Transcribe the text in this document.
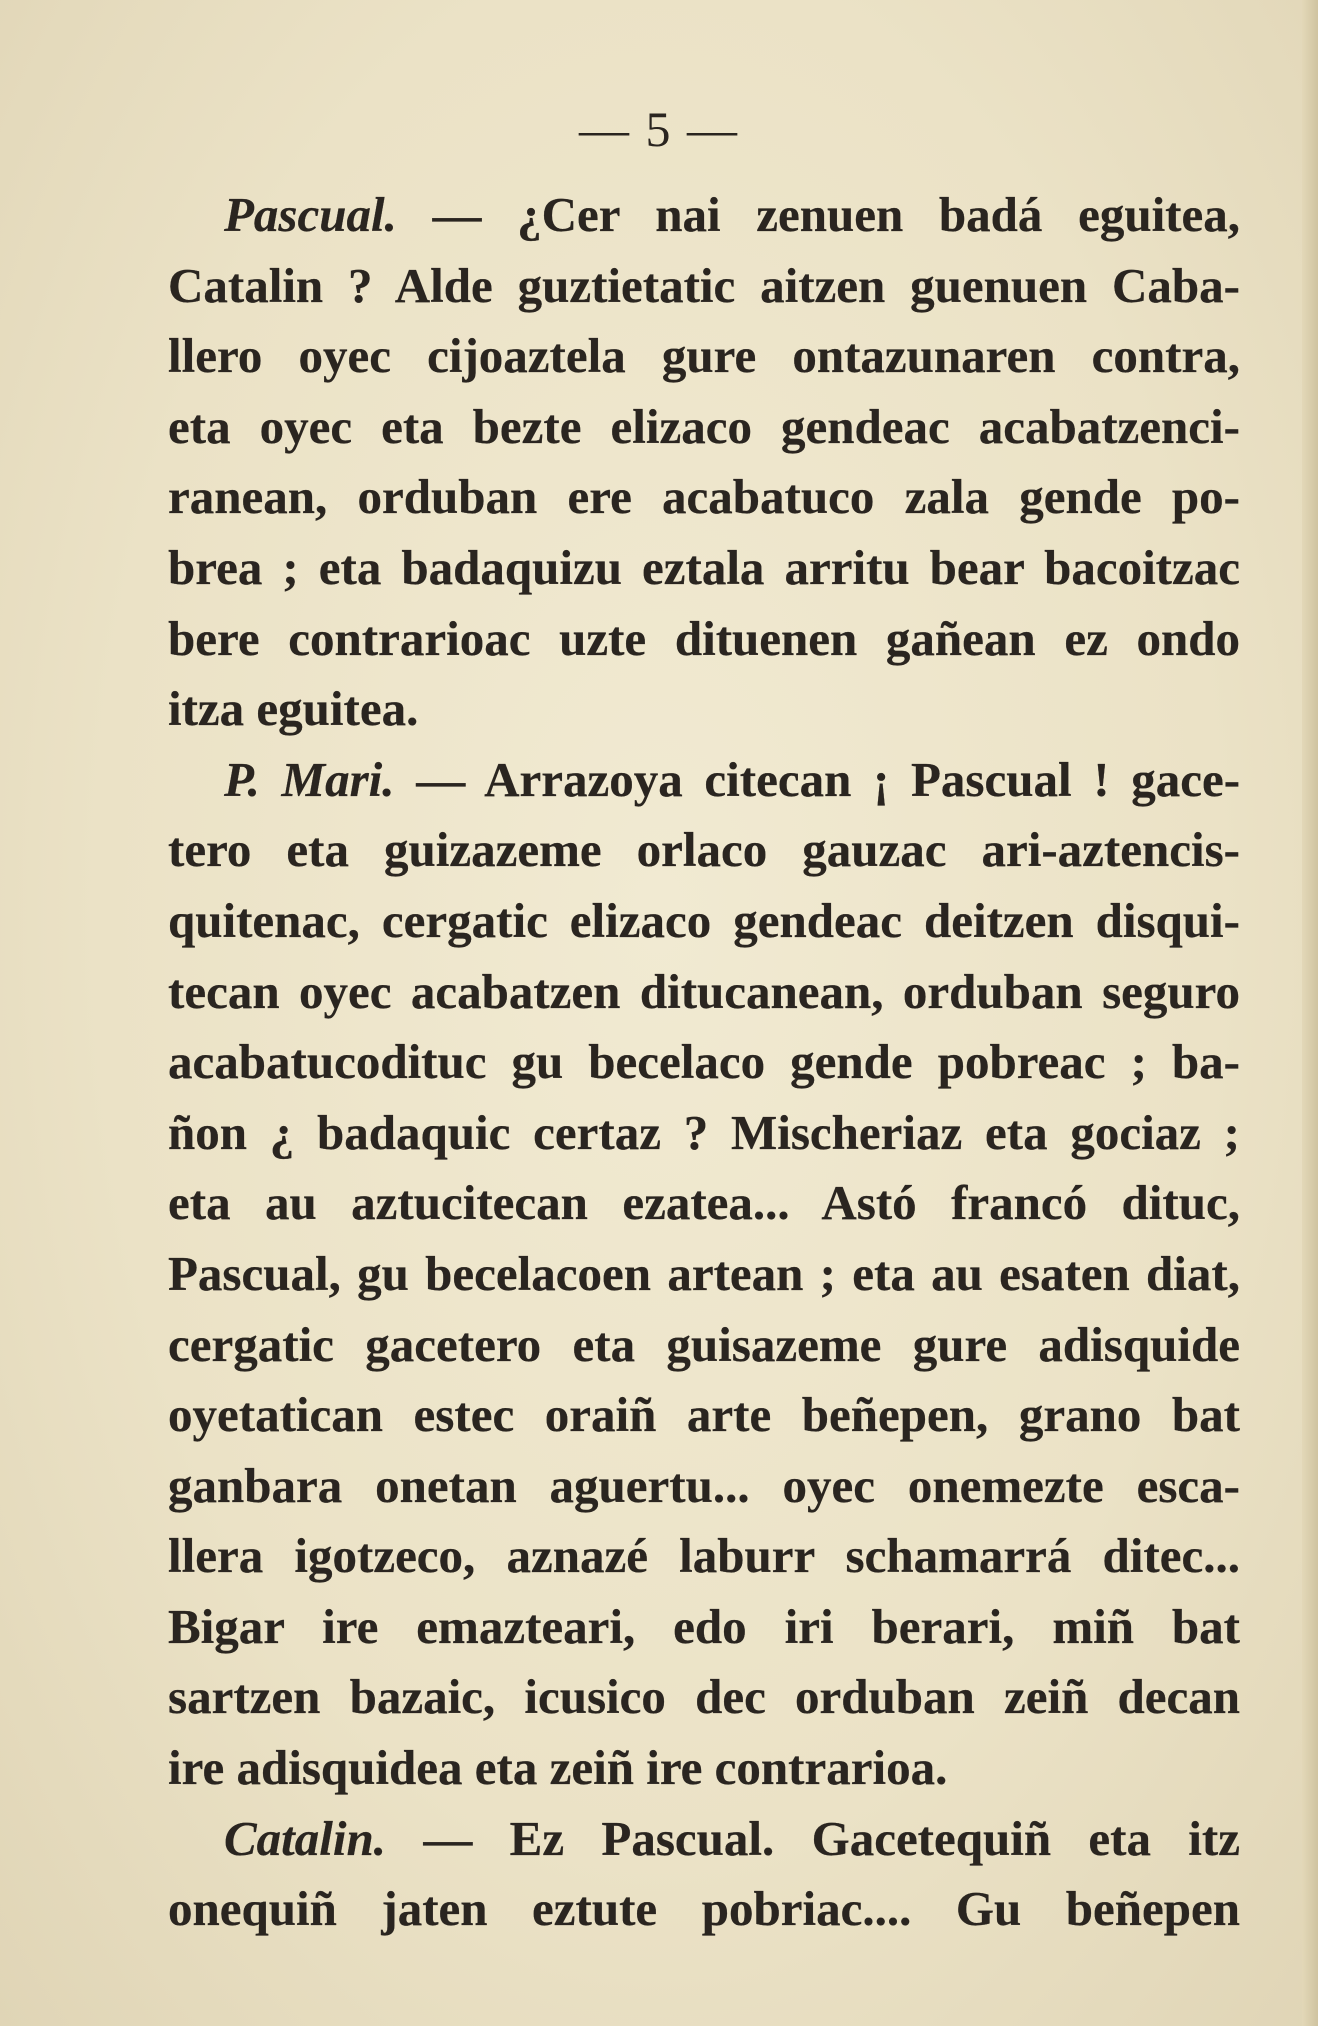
— 5 —
Pascual. — ¿Cer nai zenuen badá eguitea,
Catalin ? Alde guztietatic aitzen guenuen Caba-
llero oyec cijoaztela gure ontazunaren contra,
eta oyec eta bezte elizaco gendeac acabatzenci-
ranean, orduban ere acabatuco zala gende po-
brea ; eta badaquizu eztala arritu bear bacoitzac
bere contrarioac uzte dituenen gañean ez ondo
itza eguitea.
P. Mari. — Arrazoya citecan ¡ Pascual ! gace-
tero eta guizazeme orlaco gauzac ari-aztencis-
quitenac, cergatic elizaco gendeac deitzen disqui-
tecan oyec acabatzen ditucanean, orduban seguro
acabatucodituc gu becelaco gende pobreac ; ba-
ñon ¿ badaquic certaz ? Mischeriaz eta gociaz ;
eta au aztucitecan ezatea... Astó francó dituc,
Pascual, gu becelacoen artean ; eta au esaten diat,
cergatic gacetero eta guisazeme gure adisquide
oyetatican estec oraiñ arte beñepen, grano bat
ganbara onetan aguertu... oyec onemezte esca-
llera igotzeco, aznazé laburr schamarrá ditec...
Bigar ire emazteari, edo iri berari, miñ bat
sartzen bazaic, icusico dec orduban zeiñ decan
ire adisquidea eta zeiñ ire contrarioa.
Catalin. — Ez Pascual. Gacetequiñ eta itz
onequiñ jaten eztute pobriac.... Gu beñepen
